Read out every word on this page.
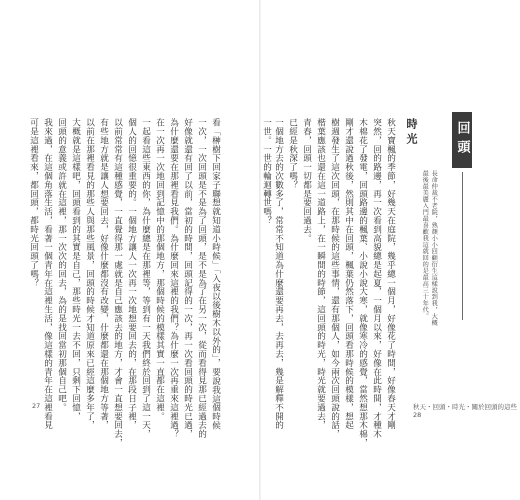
看「榊樹下回家子聯想就知道小時候」「入夜以後樹木以外的」，要說我這個時候
一次，一次回頭是不是為了回頭，是不是為了在另一次，從而看得見那已經過去的
好像就還有回了以前，當初的時間，回頭記得的一次，再一次看回頭的時光已過，
為什麼還要在那裡看見我們。為什麼回來這裡的我們？為什麼一次再重來這裡過？
在一次再一次地回到記憶中的那個地方，那個時候的模樣其實一直都在這裡。
一起看這些東西的你，為什麼總是在那裡等，等到有一天我們終於回到了這一天，
個人的回憶很重要的。一個地方讓人一次再一次地想要回去的，在那段日子裡，
以前常常有這種感覺，一直覺得那一處就是自己應該去的地方，才會一直想要回去，
有些地方就是讓人想要回去，好像什麼都沒有改變，什麼都還在那個地方等著，
以前在那裡看見的那些人與那些風景，回頭的時候才知道原來已經這麼多年了，
大概就是這樣吧，回頭看到的其實是自己，那些時光一去不回，只剩下回憶，
回頭的意義或許就在這裡，那一次次的回去，為的是找回當初那個自己吧。
我來過，在這個角落生活，看著一個青年在這裡生活，像這樣的青年在這裡看見
可是這裡看來，都回頭，都時光回頭了嗎？
27
回頭
長命仲裁不老院，熟顏小小回顧衍生這樣說到我，大概
最後最美麗入門最喜歡我這就回的是最高三十年代。
時光
秋天寶楓的季節，好幾天在庭院，幾乎總一個月，好像花了時間，好像春天才剛
突然，回的路邊，再一次看到高貌總是起夏，一個月以來，好像在此時間，才種木
木棉花了發電，回頭路邊的楓葉、小說小說大寒，就像寒冷的感覺，當然想那木棉，
剛才還說過秋後，然則其中在回頭，楓葉仍然落下，回頭看那時候的模樣，想起
樹週發生了這次回頭，在那時候的這些事情，還有那個人，如今兩次回頭說的話，
楷葉應該也還在這一道路上，在一瞬間的時節，這回頭的時光，時光就要過去，
青春，回頭一切都是要回過去。
已經是秋深了嗎？
一個地方去的次數多了，常常不知道為什麼還要再去，去再去，幾是解釋不開的
一世。一世的輪迴轉世嗎？
秋天・回頭・時光・關於回頭的這些 28
